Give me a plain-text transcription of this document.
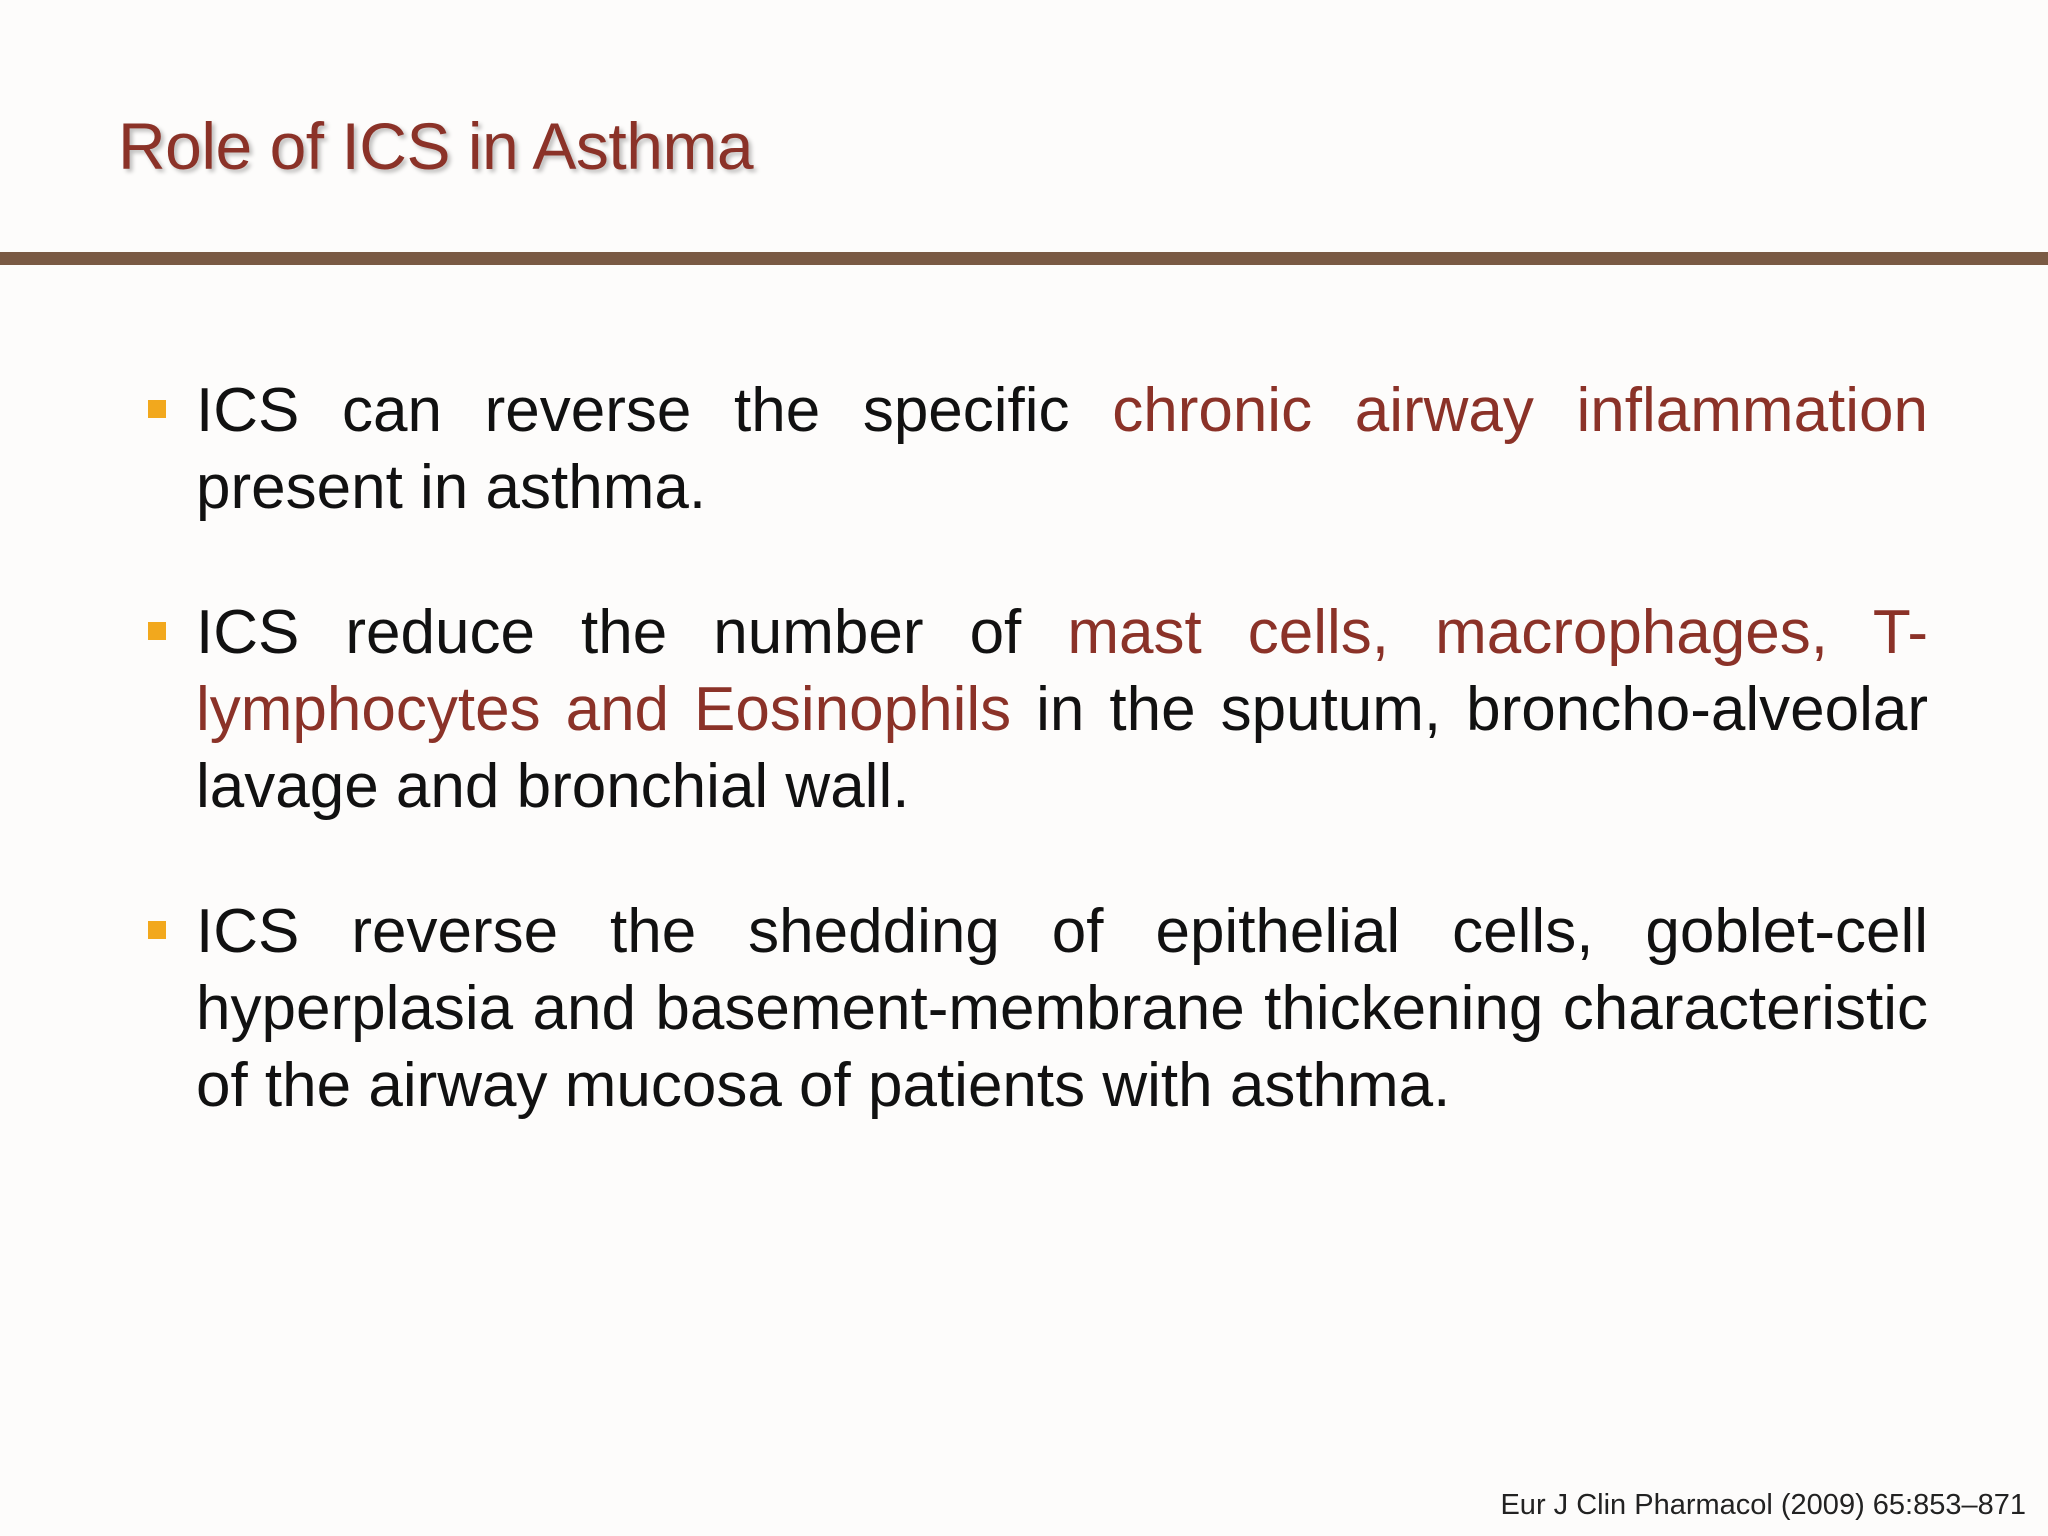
Role of ICS in Asthma
ICS can reverse the specific chronic airway inflammation present in asthma.
ICS reduce the number of mast cells, macrophages, T-lymphocytes and Eosinophils in the sputum, broncho-alveolar lavage and bronchial wall.
ICS reverse the shedding of epithelial cells, goblet-cell hyperplasia and basement-membrane thickening characteristic of the airway mucosa of patients with asthma.
Eur J Clin Pharmacol (2009) 65:853–871
